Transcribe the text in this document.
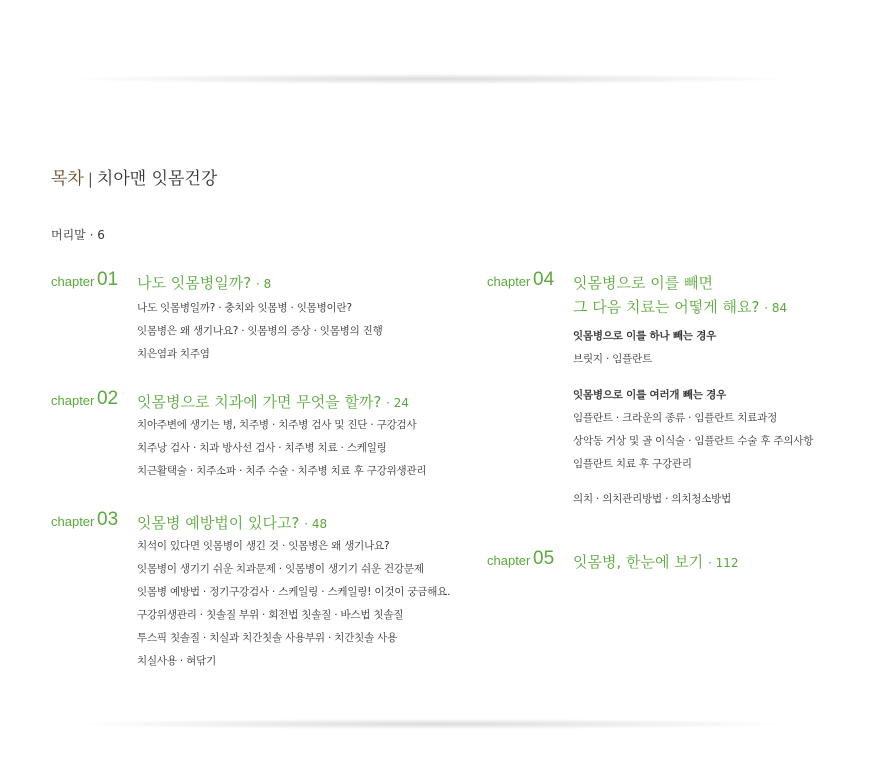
목차 | 치아맨 잇몸건강
머리말 · 6
chapter 01 나도 잇몸병일까? · 8
나도 잇몸병일까? · 충치와 잇몸병 · 잇몸병이란?
잇몸병은 왜 생기나요? · 잇몸병의 증상 · 잇몸병의 진행
치은염과 치주염
chapter 02 잇몸병으로 치과에 가면 무엇을 할까? · 24
치아주변에 생기는 병, 치주병 · 치주병 검사 및 진단 · 구강검사
치주낭 검사 · 치과 방사선 검사 · 치주병 치료 · 스케일링
치근활택술 · 치주소파 · 치주 수술 · 치주병 치료 후 구강위생관리
chapter 03 잇몸병 예방법이 있다고? · 48
치석이 있다면 잇몸병이 생긴 것 · 잇몸병은 왜 생기나요?
잇몸병이 생기기 쉬운 치과문제 · 잇몸병이 생기기 쉬운 건강문제
잇몸병 예방법 · 정기구강검사 · 스케일링 · 스케일링! 이것이 궁금해요.
구강위생관리 · 칫솔질 부위 · 회전법 칫솔질 · 바스법 칫솔질
투스픽 칫솔질 · 치실과 치간칫솔 사용부위 · 치간칫솔 사용
치실사용 · 혀닦기
chapter 04 잇몸병으로 이를 빼면
그 다음 치료는 어떻게 해요? · 84
잇몸병으로 이를 하나 빼는 경우
브릿지 · 임플란트
잇몸병으로 이를 여러개 빼는 경우
임플란트 · 크라운의 종류 · 임플란트 치료과정
상악동 거상 및 골 이식술 · 임플란트 수술 후 주의사항
임플란트 치료 후 구강관리
의치 · 의치관리방법 · 의치청소방법
chapter 05 잇몸병, 한눈에 보기 · 112
